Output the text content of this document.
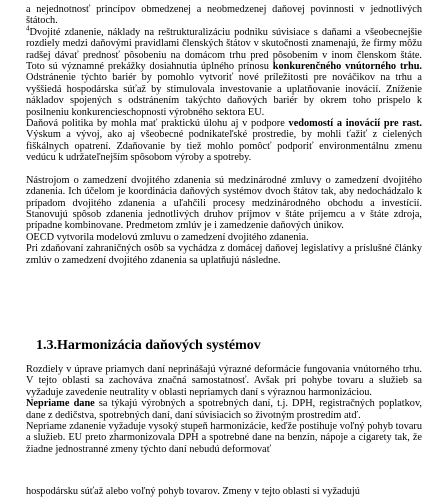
a nejednotnosť princípov obmedzenej a neobmedzenej daňovej povinnosti v jednotlivých štátoch.

$^4$Dvojité zdanenie, náklady na reštrukturalizáciu podniku súvisiace s daňami a všeobecnejšie rozdiely medzi daňovými pravidlami členských štátov v skutočnosti znamenajú, že firmy môžu radšej dávať prednosť pôsobeniu na domácom trhu pred pôsobením v inom členskom štáte. Toto sú významné prekážky dosiahnutia úplného prínosu konkurenčného vnútorného trhu. Odstránenie týchto bariér by pomohlo vytvoriť nové príležitosti pre nováčikov na trhu a vyššiedá hospodárska súťaž by stimulovala investovanie a uplatňovanie inovácií. Zníženie nákladov spojených s odstránením takýchto daňových bariér by okrem toho prispelo k posilneniu konkurencieschopnosti výrobného sektora EU.

Daňová politika by mohla mať praktickú úlohu aj v podpore vedomostí a inovácií pre rast. Výskum a vývoj, ako aj všeobecné podnikateľské prostredie, by mohli ťažiť z cielených fiškálnych opatrení. Zdaňovanie by tiež mohlo pomôcť podporiť environmentálnu zmenu vedúcu k udržateľnejším spôsobom výroby a spotreby.

Nástrojom o zamedzení dvojitého zdanenia sú medzinárodné zmluvy o zamedzení dvojitého zdanenia. Ich účelom je koordinácia daňových systémov dvoch štátov tak, aby nedochádzalo k prípadom dvojitého zdanenia a uľahčili procesy medzinárodného obchodu a investícií. Stanovujú spôsob zdanenia jednotlivých druhov príjmov v štáte príjemcu a v štáte zdroja, prípadne kombinovane. Predmetom zmlúv je i zamedzenie daňových únikov.

OECD vytvorila modelovú zmluvu o zamedzení dvojitého zdanenia.

Pri zdaňovaní zahraničných osôb sa vychádza z domácej daňovej legislatívy a príslušné články zmlúv o zamedzení dvojitého zdanenia sa uplatňujú následne.

1.3.Harmonizácia daňových systémov

Rozdiely v úprave priamych daní neprinášajú výrazné deformácie fungovania vnútorného trhu. V tejto oblasti sa zachováva značná samostatnosť. Avšak pri pohybe tovaru a služieb sa vyžaduje zavedenie neutrality v oblasti nepriamych daní s výraznou harmonizáciou.

Nepriame dane sa týkajú výrobných a spotrebných daní, t.j. DPH, registračných poplatkov, dane z dedičstva, spotrebných daní, daní súvisiacich so životným prostredím atď.

Nepriame zdanenie vyžaduje vysoký stupeň harmonizácie, keďže postihuje voľný pohyb tovaru a služieb. EU preto zharmonizovala DPH a spotrebné dane na benzín, nápoje a cigarety tak, že žiadne jednostranné zmeny týchto daní nebudú deformovať

hospodársku súťaž alebo voľný pohyb tovarov. Zmeny v tejto oblasti si vyžadujú
